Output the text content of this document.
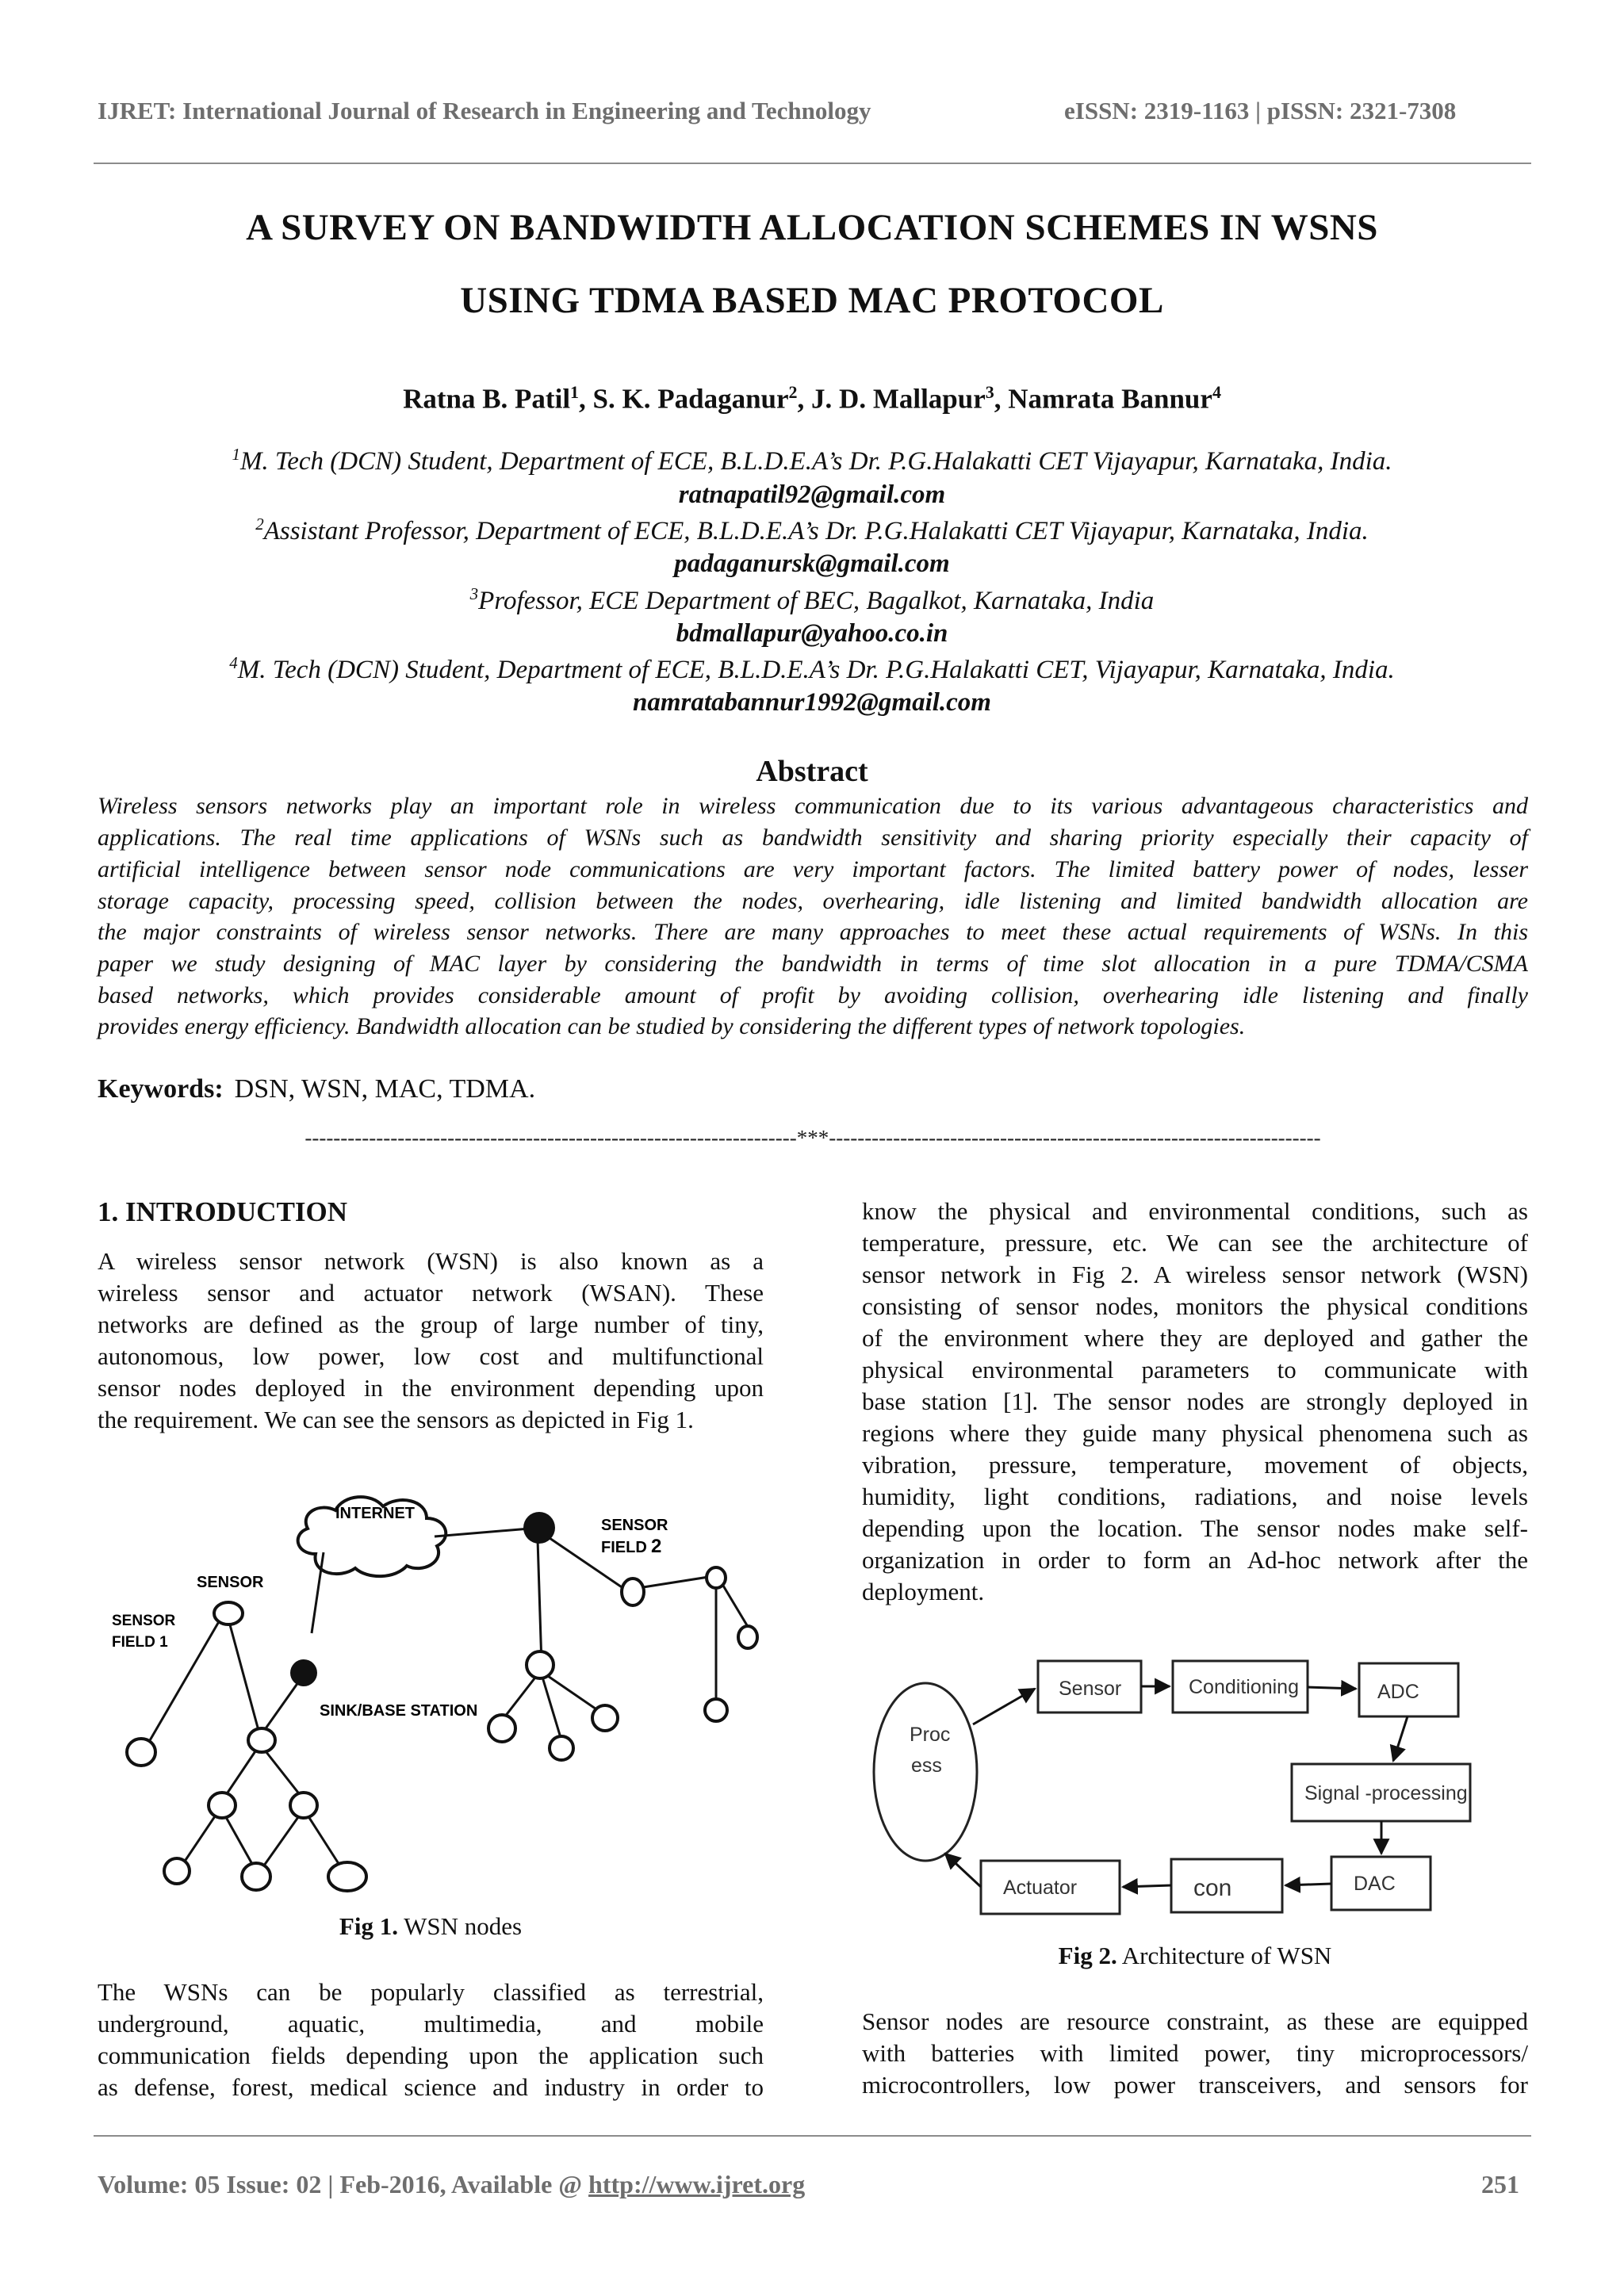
IJRET: International Journal of Research in Engineering and Technology	eISSN: 2319-1163 | pISSN: 2321-7308
A SURVEY ON BANDWIDTH ALLOCATION SCHEMES IN WSNS
USING TDMA BASED MAC PROTOCOL
Ratna B. Patil$^1$, S. K. Padaganur$^2$, J. D. Mallapur$^3$, Namrata Bannur$^4$
$^1$M. Tech (DCN) Student, Department of ECE, B.L.D.E.A’s Dr. P.G.Halakatti CET Vijayapur, Karnataka, India.
ratnapatil92@gmail.com
$^2$Assistant Professor, Department of ECE, B.L.D.E.A’s Dr. P.G.Halakatti CET Vijayapur, Karnataka, India.
padaganursk@gmail.com
$^3$Professor, ECE Department of BEC, Bagalkot, Karnataka, India
bdmallapur@yahoo.co.in
$^4$M. Tech (DCN) Student, Department of ECE, B.L.D.E.A’s Dr. P.G.Halakatti CET, Vijayapur, Karnataka, India.
namratabannur1992@gmail.com
Abstract
Wireless sensors networks play an important role in wireless communication due to its various advantageous characteristics and
applications. The real time applications of WSNs such as bandwidth sensitivity and sharing priority especially their capacity of
artificial intelligence between sensor node communications are very important factors. The limited battery power of nodes, lesser
storage capacity, processing speed, collision between the nodes, overhearing, idle listening and limited bandwidth allocation are
the major constraints of wireless sensor networks. There are many approaches to meet these actual requirements of WSNs. In this
paper we study designing of MAC layer by considering the bandwidth in terms of time slot allocation in a pure TDMA/CSMA
based networks, which provides considerable amount of profit by avoiding collision, overhearing idle listening and finally
provides energy efficiency. Bandwidth allocation can be studied by considering the different types of network topologies.
Keywords: DSN, WSN, MAC, TDMA.
---------------------------------------------------------------------***---------------------------------------------------------------------
1. INTRODUCTION
A wireless sensor network (WSN) is also known as a
wireless sensor and actuator network (WSAN). These
networks are defined as the group of large number of tiny,
autonomous, low power, low cost and multifunctional
sensor nodes deployed in the environment depending upon
the requirement. We can see the sensors as depicted in Fig 1.
INTERNET
SENSOR
FIELD 2
SENSOR
SENSOR
FIELD 1
SINK/BASE STATION
Fig 1. WSN nodes
The WSNs can be popularly classified as terrestrial,
underground, aquatic, multimedia, and mobile
communication fields depending upon the application such
as defense, forest, medical science and industry in order to
know the physical and environmental conditions, such as
temperature, pressure, etc. We can see the architecture of
sensor network in Fig 2. A wireless sensor network (WSN)
consisting of sensor nodes, monitors the physical conditions
of the environment where they are deployed and gather the
physical environmental parameters to communicate with
base station [1]. The sensor nodes are strongly deployed in
regions where they guide many physical phenomena such as
vibration, pressure, temperature, movement of objects,
humidity, light conditions, radiations, and noise levels
depending upon the location. The sensor nodes make self-
organization in order to form an Ad-hoc network after the
deployment.
Sensor	Conditioning	ADC
Signal -processing
DAC
con
Actuator
Proc
ess
Fig 2. Architecture of WSN
Sensor nodes are resource constraint, as these are equipped
with batteries with limited power, tiny microprocessors/
microcontrollers, low power transceivers, and sensors for
Volume: 05 Issue: 02 | Feb-2016, Available @ http://www.ijret.org	251
